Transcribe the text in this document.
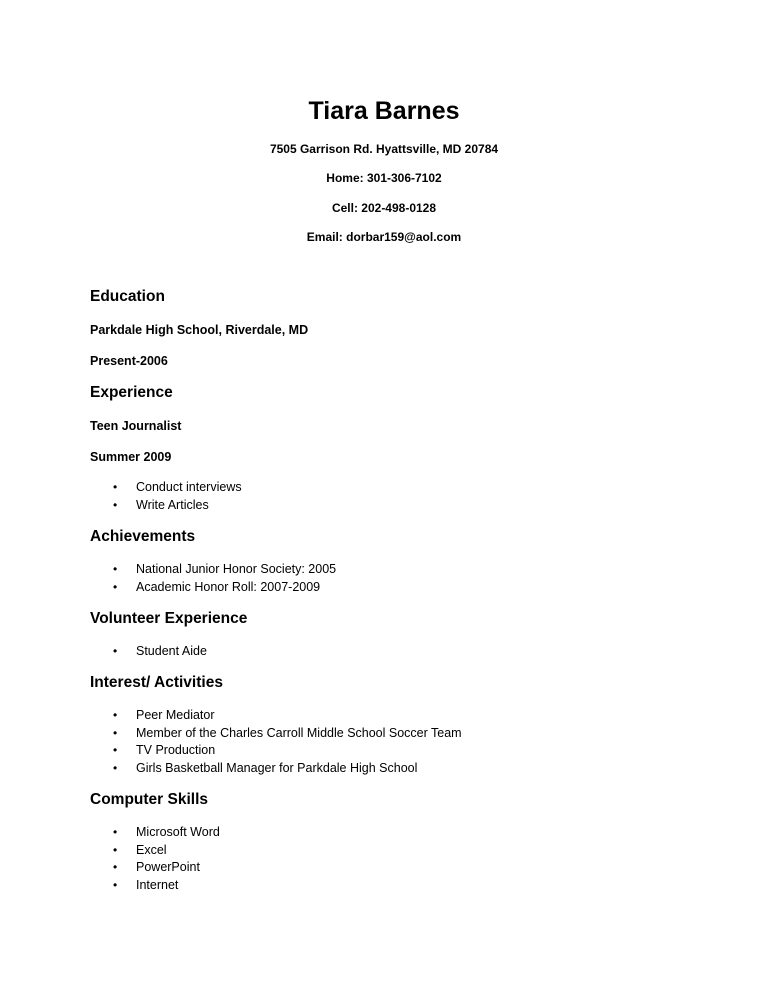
Tiara Barnes

7505 Garrison Rd. Hyattsville, MD 20784

Home: 301-306-7102

Cell: 202-498-0128

Email: dorbar159@aol.com

Education

Parkdale High School, Riverdale, MD

Present-2006

Experience

Teen Journalist

Summer 2009

• Conduct interviews
• Write Articles
Achievements
• National Junior Honor Society: 2005
• Academic Honor Roll: 2007-2009
Volunteer Experience
• Student Aide
Interest/ Activities
• Peer Mediator
• Member of the Charles Carroll Middle School Soccer Team
• TV Production
• Girls Basketball Manager for Parkdale High School
Computer Skills
• Microsoft Word
• Excel
• PowerPoint
• Internet
